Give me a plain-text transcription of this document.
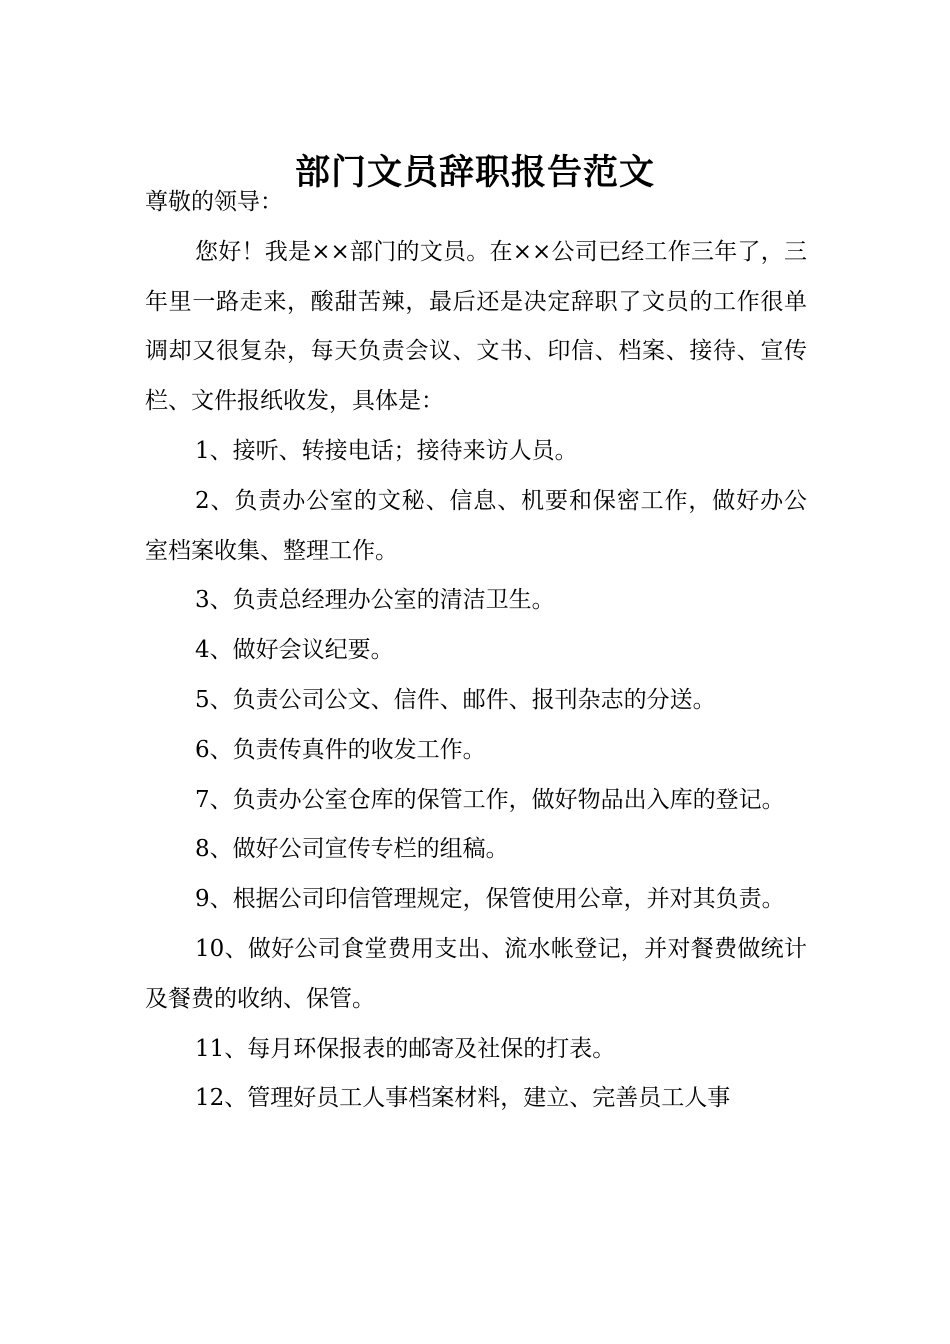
部门文员辞职报告范文

尊敬的领导：

您好！我是××部门的文员。在××公司已经工作三年了，三年里一路走来，酸甜苦辣，最后还是决定辞职了文员的工作很单调却又很复杂，每天负责会议、文书、印信、档案、接待、宣传栏、文件报纸收发，具体是：

1、接听、转接电话；接待来访人员。

2、负责办公室的文秘、信息、机要和保密工作，做好办公室档案收集、整理工作。

3、负责总经理办公室的清洁卫生。

4、做好会议纪要。

5、负责公司公文、信件、邮件、报刊杂志的分送。

6、负责传真件的收发工作。

7、负责办公室仓库的保管工作，做好物品出入库的登记。

8、做好公司宣传专栏的组稿。

9、根据公司印信管理规定，保管使用公章，并对其负责。

10、做好公司食堂费用支出、流水帐登记，并对餐费做统计及餐费的收纳、保管。

11、每月环保报表的邮寄及社保的打表。

12、管理好员工人事档案材料，建立、完善员工人事
